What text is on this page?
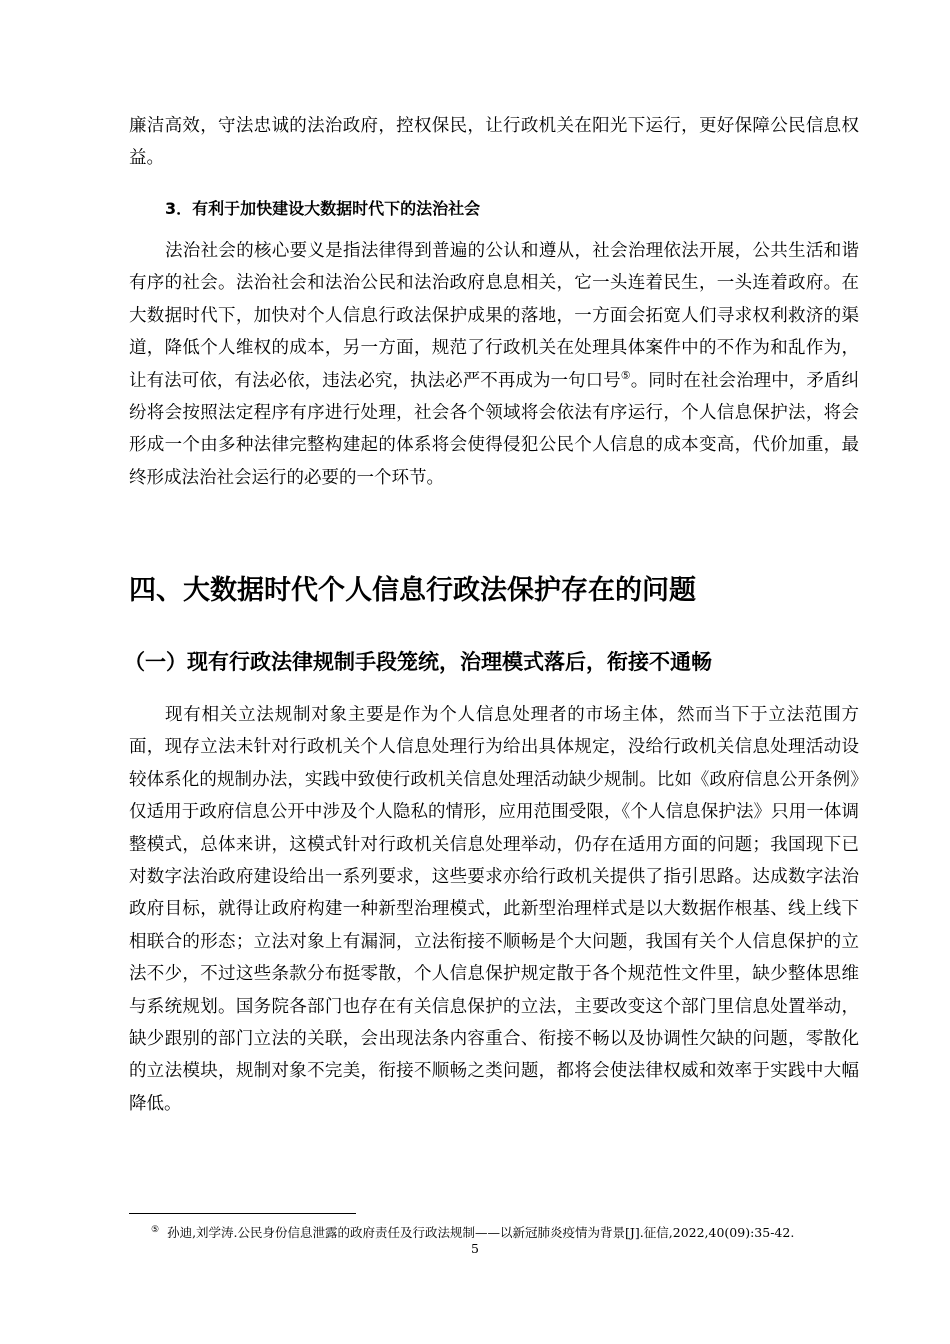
廉洁高效，守法忠诚的法治政府，控权保民，让行政机关在阳光下运行，更好保障公民信息权益。

3．有利于加快建设大数据时代下的法治社会

法治社会的核心要义是指法律得到普遍的公认和遵从，社会治理依法开展，公共生活和谐有序的社会。法治社会和法治公民和法治政府息息相关，它一头连着民生，一头连着政府。在大数据时代下，加快对个人信息行政法保护成果的落地，一方面会拓宽人们寻求权利救济的渠道，降低个人维权的成本，另一方面，规范了行政机关在处理具体案件中的不作为和乱作为，让有法可依，有法必依，违法必究，执法必严不再成为一句口号⑤。同时在社会治理中，矛盾纠纷将会按照法定程序有序进行处理，社会各个领域将会依法有序运行，个人信息保护法，将会形成一个由多种法律完整构建起的体系将会使得侵犯公民个人信息的成本变高，代价加重，最终形成法治社会运行的必要的一个环节。

四、大数据时代个人信息行政法保护存在的问题
（一）现有行政法律规制手段笼统，治理模式落后，衔接不通畅

现有相关立法规制对象主要是作为个人信息处理者的市场主体，然而当下于立法范围方面，现存立法未针对行政机关个人信息处理行为给出具体规定，没给行政机关信息处理活动设较体系化的规制办法，实践中致使行政机关信息处理活动缺少规制。比如《政府信息公开条例》仅适用于政府信息公开中涉及个人隐私的情形，应用范围受限，《个人信息保护法》只用一体调整模式，总体来讲，这模式针对行政机关信息处理举动，仍存在适用方面的问题；我国现下已对数字法治政府建设给出一系列要求，这些要求亦给行政机关提供了指引思路。达成数字法治政府目标，就得让政府构建一种新型治理模式，此新型治理样式是以大数据作根基、线上线下相联合的形态；立法对象上有漏洞，立法衔接不顺畅是个大问题，我国有关个人信息保护的立法不少，不过这些条款分布挺零散，个人信息保护规定散于各个规范性文件里，缺少整体思维与系统规划。国务院各部门也存在有关信息保护的立法，主要改变这个部门里信息处置举动，缺少跟别的部门立法的关联，会出现法条内容重合、衔接不畅以及协调性欠缺的问题，零散化的立法模块，规制对象不完美，衔接不顺畅之类问题，都将会使法律权威和效率于实践中大幅降低。

⑤ 孙迪,刘学涛.公民身份信息泄露的政府责任及行政法规制——以新冠肺炎疫情为背景[J].征信,2022,40(09):35-42.

5
